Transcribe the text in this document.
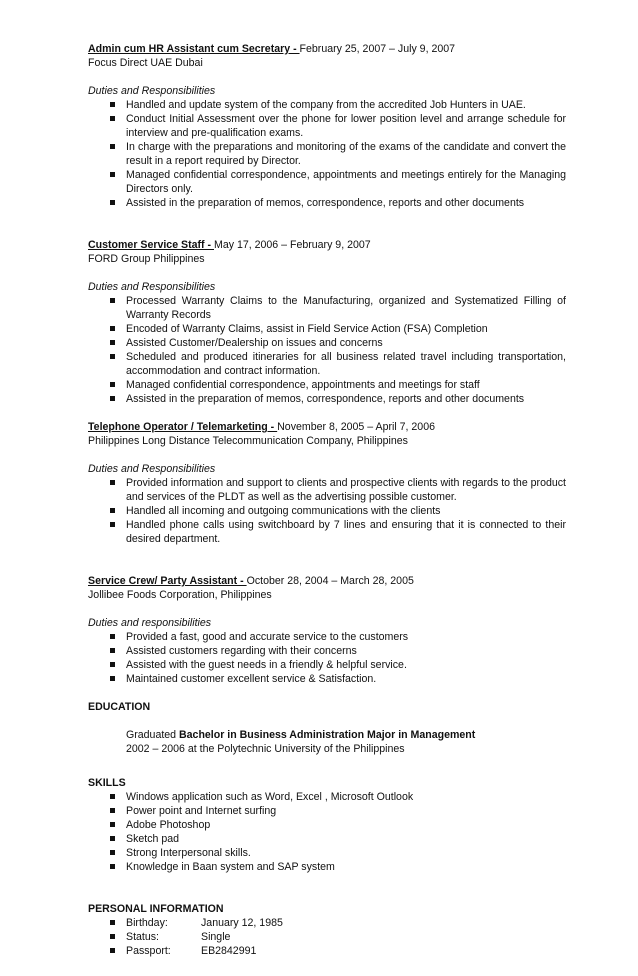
Admin cum HR Assistant cum Secretary - February 25, 2007 – July 9, 2007
Focus Direct UAE Dubai
Duties and Responsibilities
Handled and update system of the company from the accredited Job Hunters in UAE.
Conduct Initial Assessment over the phone for lower position level and arrange schedule for interview and pre-qualification exams.
In charge with the preparations and monitoring of the exams of the candidate and convert the result in a report required by Director.
Managed confidential correspondence, appointments and meetings entirely for the Managing Directors only.
Assisted in the preparation of memos, correspondence, reports and other documents
Customer Service Staff - May 17, 2006 – February 9, 2007
FORD Group Philippines
Duties and Responsibilities
Processed Warranty Claims to the Manufacturing, organized and Systematized Filling of Warranty Records
Encoded of Warranty Claims, assist in Field Service Action (FSA) Completion
Assisted Customer/Dealership on issues and concerns
Scheduled and produced itineraries for all business related travel including transportation, accommodation and contract information.
Managed confidential correspondence, appointments and meetings for staff
Assisted in the preparation of memos, correspondence, reports and other documents
Telephone Operator / Telemarketing - November 8, 2005 – April 7, 2006
Philippines Long Distance Telecommunication Company, Philippines
Duties and Responsibilities
Provided information and support to clients and prospective clients with regards to the product and services of the PLDT as well as the advertising possible customer.
Handled all incoming and outgoing communications with the clients
Handled phone calls using switchboard by 7 lines and ensuring that it is connected to their desired department.
Service Crew/ Party Assistant - October 28, 2004 – March 28, 2005
Jollibee Foods Corporation, Philippines
Duties and responsibilities
Provided a fast, good and accurate service to the customers
Assisted customers regarding with their concerns
Assisted with the guest needs in a friendly & helpful service.
Maintained customer excellent service & Satisfaction.
EDUCATION
Graduated Bachelor in Business Administration Major in Management
2002 – 2006 at the Polytechnic University of the Philippines
SKILLS
Windows application such as Word, Excel , Microsoft Outlook
Power point and Internet surfing
Adobe Photoshop
Sketch pad
Strong Interpersonal skills.
Knowledge in Baan system and SAP system
PERSONAL INFORMATION
Birthday:	January 12, 1985
Status:	Single
Passport:	EB2842991
